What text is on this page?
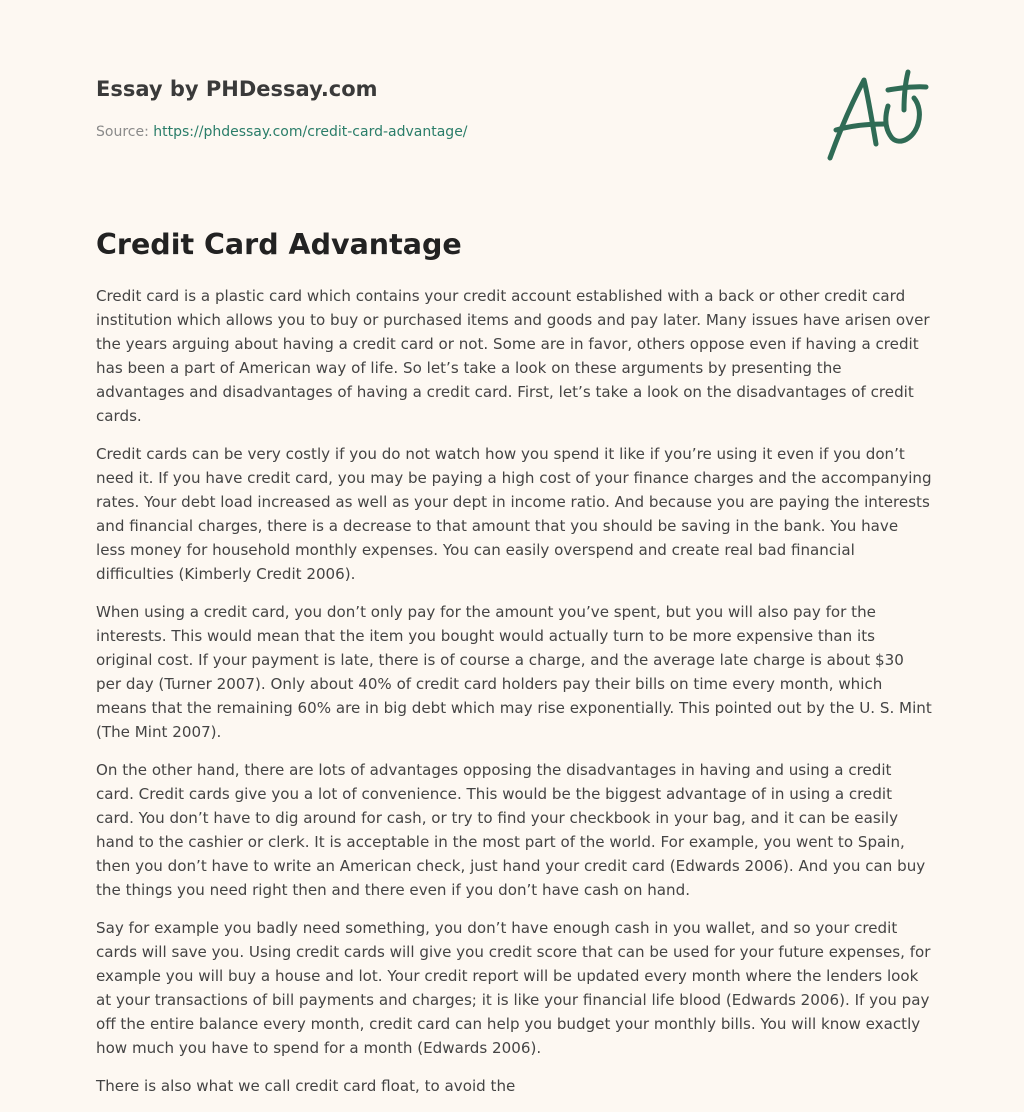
Essay by PHDessay.com
Source: https://phdessay.com/credit-card-advantage/
Credit Card Advantage

Credit card is a plastic card which contains your credit account established with a back or other credit card institution which allows you to buy or purchased items and goods and pay later. Many issues have arisen over the years arguing about having a credit card or not. Some are in favor, others oppose even if having a credit has been a part of American way of life. So let’s take a look on these arguments by presenting the advantages and disadvantages of having a credit card. First, let’s take a look on the disadvantages of credit cards.

Credit cards can be very costly if you do not watch how you spend it like if you’re using it even if you don’t need it. If you have credit card, you may be paying a high cost of your finance charges and the accompanying rates. Your debt load increased as well as your dept in income ratio. And because you are paying the interests and financial charges, there is a decrease to that amount that you should be saving in the bank. You have less money for household monthly expenses. You can easily overspend and create real bad financial difficulties (Kimberly Credit 2006).

When using a credit card, you don’t only pay for the amount you’ve spent, but you will also pay for the interests. This would mean that the item you bought would actually turn to be more expensive than its original cost. If your payment is late, there is of course a charge, and the average late charge is about $30 per day (Turner 2007). Only about 40% of credit card holders pay their bills on time every month, which means that the remaining 60% are in big debt which may rise exponentially. This pointed out by the U. S. Mint (The Mint 2007).

On the other hand, there are lots of advantages opposing the disadvantages in having and using a credit card. Credit cards give you a lot of convenience. This would be the biggest advantage of in using a credit card. You don’t have to dig around for cash, or try to find your checkbook in your bag, and it can be easily hand to the cashier or clerk. It is acceptable in the most part of the world. For example, you went to Spain, then you don’t have to write an American check, just hand your credit card (Edwards 2006). And you can buy the things you need right then and there even if you don’t have cash on hand.

Say for example you badly need something, you don’t have enough cash in you wallet, and so your credit cards will save you. Using credit cards will give you credit score that can be used for your future expenses, for example you will buy a house and lot. Your credit report will be updated every month where the lenders look at your transactions of bill payments and charges; it is like your financial life blood (Edwards 2006). If you pay off the entire balance every month, credit card can help you budget your monthly bills. You will know exactly how much you have to spend for a month (Edwards 2006).

There is also what we call credit card float, to avoid the
